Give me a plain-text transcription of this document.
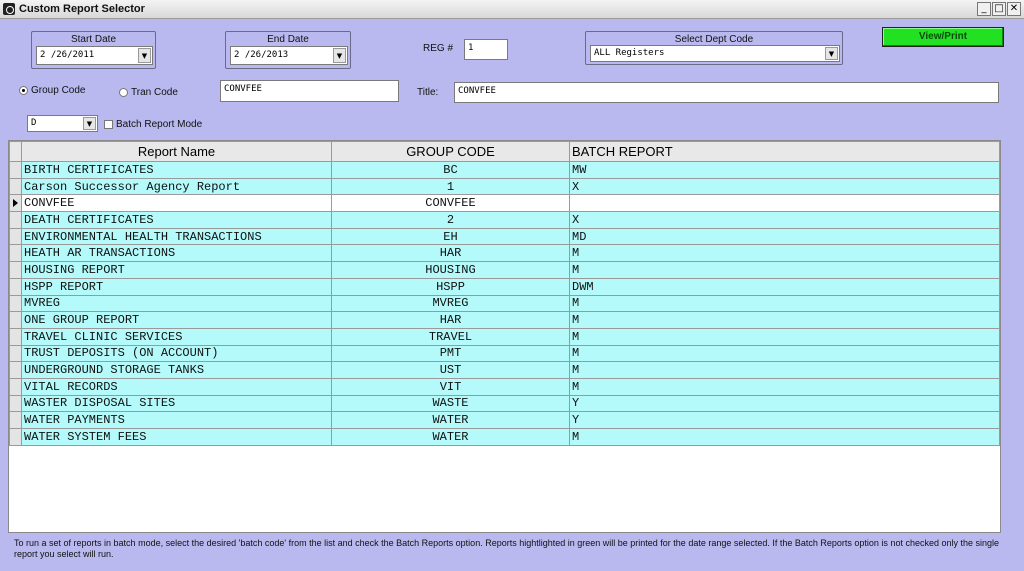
Custom Report Selector	_ □ ✕
Start Date
2 /26/2011	▼
End Date
2 /26/2013	▼
REG # 1
Select Dept Code
ALL Registers	▼
View/Print
Group Code	Tran Code	CONVFEE	Title: CONVFEE
D	▼	Batch Report Mode
	Report Name	GROUP CODE	BATCH REPORT
	BIRTH CERTIFICATES	BC	MW
	Carson Successor Agency Report	1	X
	CONVFEE	CONVFEE	
	DEATH CERTIFICATES	2	X
	ENVIRONMENTAL HEALTH TRANSACTIONS	EH	MD
	HEATH AR TRANSACTIONS	HAR	M
	HOUSING REPORT	HOUSING	M
	HSPP REPORT	HSPP	DWM
	MVREG	MVREG	M
	ONE GROUP REPORT	HAR	M
	TRAVEL CLINIC SERVICES	TRAVEL	M
	TRUST DEPOSITS (ON ACCOUNT)	PMT	M
	UNDERGROUND STORAGE TANKS	UST	M
	VITAL RECORDS	VIT	M
	WASTER DISPOSAL SITES	WASTE	Y
	WATER PAYMENTS	WATER	Y
	WATER SYSTEM FEES	WATER	M
To run a set of reports in batch mode, select the desired 'batch code' from the list and check the Batch Reports option. Reports hightlighted in green will be printed for the date range selected. If the Batch Reports option is not checked only the single report you select will run.
